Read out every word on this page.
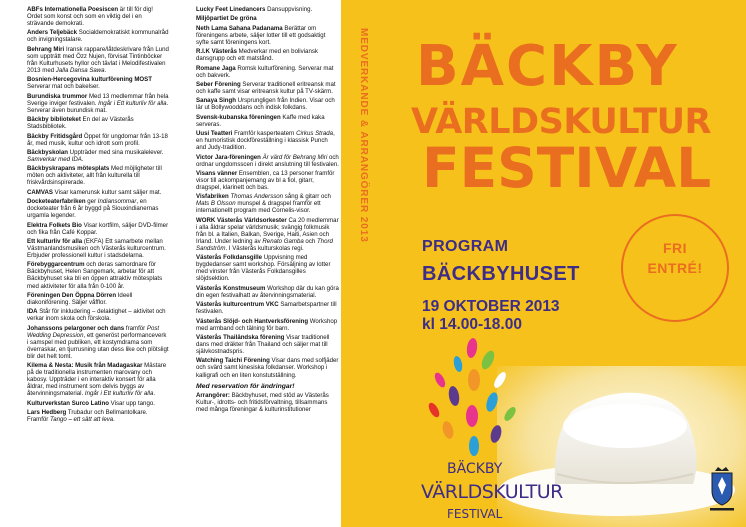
ABFs Internationella Poesiscen är till för dig! Ordet som konst och som en viktig del i en strävande demokrati.
Anders Teljebäck Socialdemokratiskt kommunalråd och invigningstalare.
Behrang Miri Iransk rappare/låtdeskrivare från Lund som uppträtt med Özz Nujen, förvisat Tintinböcker från Kulturhusets hyllor och tävlat i Melodifestivalen 2013 med Jalla Dansa Sawa.
Bosnien-Hercegovina kulturförening MOST Serverar mat och bakelser.
Burundiska trummor Med 13 medlemmar från hela Sverige inviger festivalen. Ingår i Ett kulturliv för alla. Serverar även burundisk mat.
Bäckby biblioteket En del av Västerås Stadsbibliotek.
Bäckby Fritidsgård Öppet för ungdomar från 13-18 år, med musik, kultur och idrott som profil.
Bäckbyskolan Uppträder med sina musikalelever. Samverkar med IDA.
Bäckbyskrapans mötesplats Med möjligheter till möten och aktiviteter, allt från kulturella till friskvårdsinspirerade.
CAMVAS Visar kamerunsk kultur samt säljer mat.
Docketeaterfabriken ger Indiansommar, en docketeater från 6 år byggd på Siouxindianernas urgamla legender.
Elektra Folkets Bio Visar kortfilm, säljer DVD-filmer och fika från Café Koppar.
Ett kulturliv för alla (EKFA) Ett samarbete mellan Västmanlandsmusiken och Västerås kulturcentrum. Erbjuder professionell kultur i stadsdelarna.
Förebyggarcentrum och deras samordnare för Bäckbyhuset, Helen Sangemark, arbetar för att Bäckbyhuset ska bli en öppen attraktiv mötesplats med aktiviteter för alla från 0-100 år.
Föreningen Den Öppna Dörren Ideell diakoniförening. Säljer våfflor.
IDA Står för inkludering – delaktighet – aktivitet och verkar inom skola och förskola.
Johanssons pelargoner och dans framför Post Wedding Depression, ett generöst performanceverk i samspel med publiken, ett kostymdrama som överraskar, en tjurrusning utan dess like och plötsligt blir det helt tomt.
Kilema & Nesta: Musik från Madagaskar Mästare på de traditionella instrumenten marovany och kabosy. Uppträder i en interaktiv konsert för alla åldrar, med instrument som delvis byggs av återvinningsmaterial. Ingår i Ett kulturliv för alla.
Kulturverkstan Surco Latino Visar upp tango.
Lars Hedberg Trubadur och Bellmantolkare. Framför Tango – ett sätt att leva.
Lucky Feet Linedancers Dansuppvisning.
Miljöpartiet De gröna
Neth Lama Sahana Padanama Berättar om föreningens arbete, säljer lotter till ett godsaktigt syfte samt föreningens kort.
R.I.K Västerås Medverkar med en boliviansk dansgrupp och ett matstånd.
Romane Jaga Romsk kulturförening. Serverar mat och bakverk.
Seber Förening Serverar traditionell eritreansk mat och kaffe samt visar eritreansk kultur på TV-skärm.
Sanaya Singh Ursprungligen från Indien. Visar och lär ut Bollywooddans och indisk folkdans.
Svensk-kubanska föreningen Kaffe med kaka serveras.
Uusi Teatteri Framför kasperteatern Cirkus Strada, en humoristisk dockföreställning i klassisk Punch and Judy-tradition.
Victor Jara-föreningen Är värd för Behrang Miri och ordnar ungdomsscen i direkt anslutning till festivalen.
Visans vänner Ensemblen, ca 13 personer framför visor till ackompanjemang av bl a fiol, gitarr, dragspel, klarinett och bas.
Visfabriken Thomas Andersson sång & gitarr och Mats B Olsson munspel & dragspel framför ett internationellt program med Cornelis-visor.
WORK Västerås Världsorkester Ca 20 medlemmar i alla åldrar spelar världsmusik; svängig folkmusik från bl. a Italien, Balkan, Sverige, Haiti, Asien och Irland. Under ledning av Renato Gamba och Thord Sandström. I Västerås kulturskolas regi.
Västerås Folkdansgille Uppvisning med bygdedanser samt workshop. Försäljning av lotter med vinster från Västerås Folkdansgilles slöjdsektion.
Västerås Konstmuseum Workshop där du kan göra din egen festivalhatt av återvinningsmaterial.
Västerås kulturcentrum VKC Samarbetspartner till festivalen.
Västerås Slöjd- och Hantverksförening Workshop med armband och tälning för barn.
Västerås Thailändska förening Visar traditionell dans med dräkter från Thailand och säljer mat till självkostnadspris.
Watching Taichi Förening Visar dans med solfjäder och svärd samt kinesiska folkdanser. Workshop i kalligrafi och en liten konstutställning.
Med reservation för ändringar!
Arrangörer: Bäckbyhuset, med stöd av Västerås Kultur-, idrotts- och fritidsförvaltning, tillsammans med många föreningar & kulturinstitutioner
MEDVERKANDE & ARRANGÖRER 2013 BÄCKBY
VÄRLDSKULTUR
FESTIVAL
PROGRAM
BÄCKBYHUSET
19 OKTOBER 2013
kl 14.00-18.00
FRI
ENTRÉ!
BÄCKBY
VÄRLDSKULTUR
FESTIVAL
